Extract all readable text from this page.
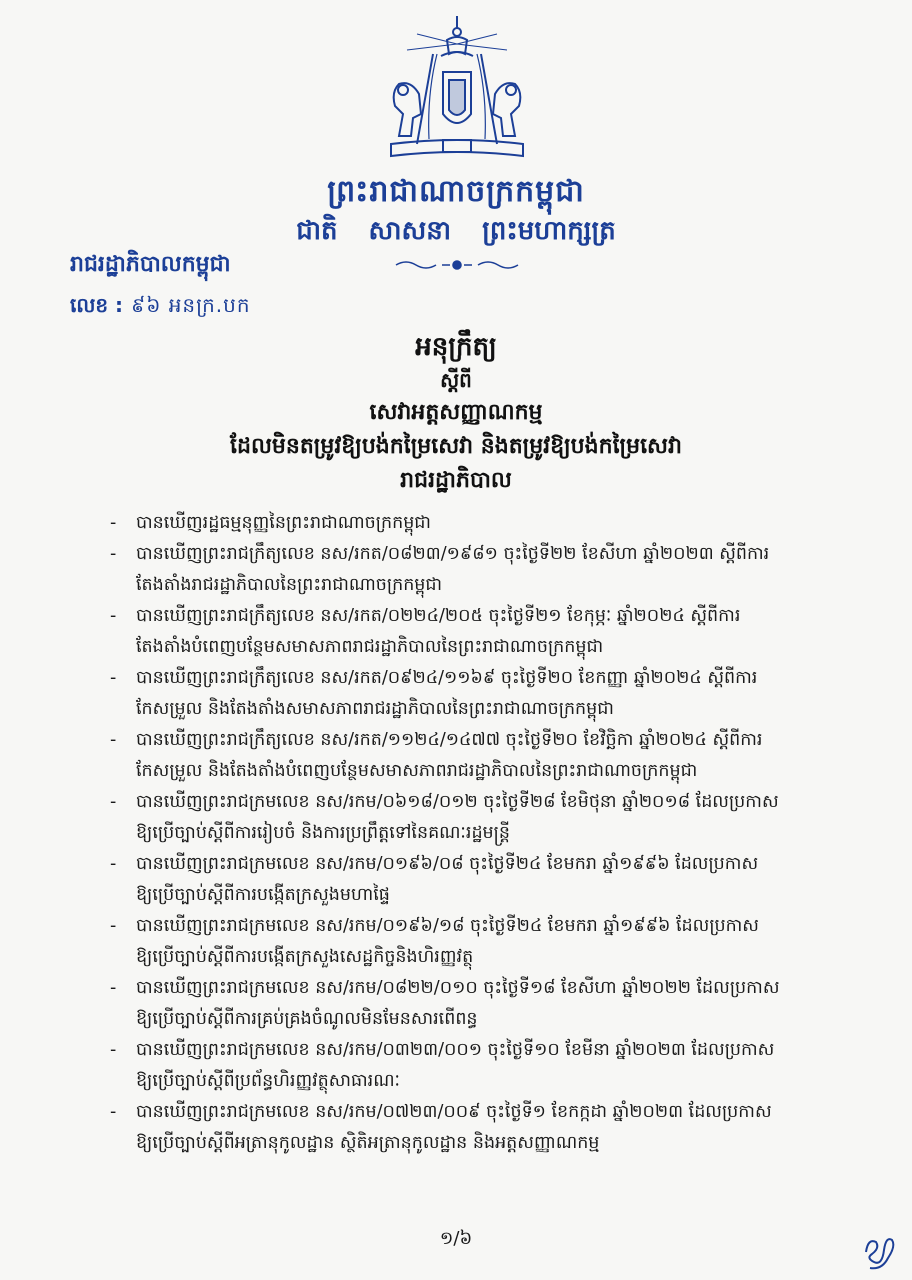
ព្រះរាជាណាចក្រកម្ពុជា
ជាតិ សាសនា ព្រះមហាក្សត្រ
រាជរដ្ឋាភិបាលកម្ពុជា
លេខ : ៩៦ អនក្រ.បក
អនុក្រឹត្យ
ស្តីពី
សេវាអត្តសញ្ញាណកម្ម
ដែលមិនតម្រូវឱ្យបង់កម្រៃសេវា និងតម្រូវឱ្យបង់កម្រៃសេវា
រាជរដ្ឋាភិបាល
- បានឃើញរដ្ឋធម្មនុញ្ញនៃព្រះរាជាណាចក្រកម្ពុជា
- បានឃើញព្រះរាជក្រឹត្យលេខ នស/រកត/០៨២៣/១៩៨១ ចុះថ្ងៃទី២២ ខែសីហា ឆ្នាំ២០២៣ ស្តីពីការ
តែងតាំងរាជរដ្ឋាភិបាលនៃព្រះរាជាណាចក្រកម្ពុជា
- បានឃើញព្រះរាជក្រឹត្យលេខ នស/រកត/០២២៤/២០៥ ចុះថ្ងៃទី២១ ខែកុម្ភៈ ឆ្នាំ២០២៤ ស្តីពីការ
តែងតាំងបំពេញបន្ថែមសមាសភាពរាជរដ្ឋាភិបាលនៃព្រះរាជាណាចក្រកម្ពុជា
- បានឃើញព្រះរាជក្រឹត្យលេខ នស/រកត/០៩២៤/១១៦៩ ចុះថ្ងៃទី២០ ខែកញ្ញា ឆ្នាំ២០២៤ ស្តីពីការ
កែសម្រួល និងតែងតាំងសមាសភាពរាជរដ្ឋាភិបាលនៃព្រះរាជាណាចក្រកម្ពុជា
- បានឃើញព្រះរាជក្រឹត្យលេខ នស/រកត/១១២៤/១៤៧៧ ចុះថ្ងៃទី២០ ខែវិច្ឆិកា ឆ្នាំ២០២៤ ស្តីពីការ
កែសម្រួល និងតែងតាំងបំពេញបន្ថែមសមាសភាពរាជរដ្ឋាភិបាលនៃព្រះរាជាណាចក្រកម្ពុជា
- បានឃើញព្រះរាជក្រមលេខ នស/រកម/០៦១៨/០១២ ចុះថ្ងៃទី២៨ ខែមិថុនា ឆ្នាំ២០១៨ ដែលប្រកាស
ឱ្យប្រើច្បាប់ស្តីពីការរៀបចំ និងការប្រព្រឹត្តទៅនៃគណៈរដ្ឋមន្ត្រី
- បានឃើញព្រះរាជក្រមលេខ នស/រកម/០១៩៦/០៨ ចុះថ្ងៃទី២៤ ខែមករា ឆ្នាំ១៩៩៦ ដែលប្រកាស
ឱ្យប្រើច្បាប់ស្តីពីការបង្កើតក្រសួងមហាផ្ទៃ
- បានឃើញព្រះរាជក្រមលេខ នស/រកម/០១៩៦/១៨ ចុះថ្ងៃទី២៤ ខែមករា ឆ្នាំ១៩៩៦ ដែលប្រកាស
ឱ្យប្រើច្បាប់ស្តីពីការបង្កើតក្រសួងសេដ្ឋកិច្ចនិងហិរញ្ញវត្ថុ
- បានឃើញព្រះរាជក្រមលេខ នស/រកម/០៨២២/០១០ ចុះថ្ងៃទី១៨ ខែសីហា ឆ្នាំ២០២២ ដែលប្រកាស
ឱ្យប្រើច្បាប់ស្តីពីការគ្រប់គ្រងចំណូលមិនមែនសារពើពន្ធ
- បានឃើញព្រះរាជក្រមលេខ នស/រកម/០៣២៣/០០១ ចុះថ្ងៃទី១០ ខែមីនា ឆ្នាំ២០២៣ ដែលប្រកាស
ឱ្យប្រើច្បាប់ស្តីពីប្រព័ន្ធហិរញ្ញវត្ថុសាធារណៈ
- បានឃើញព្រះរាជក្រមលេខ នស/រកម/០៧២៣/០០៩ ចុះថ្ងៃទី១ ខែកក្កដា ឆ្នាំ២០២៣ ដែលប្រកាស
ឱ្យប្រើច្បាប់ស្តីពីអត្រានុកូលដ្ឋាន ស្ថិតិអត្រានុកូលដ្ឋាន និងអត្តសញ្ញាណកម្ម
១/៦
